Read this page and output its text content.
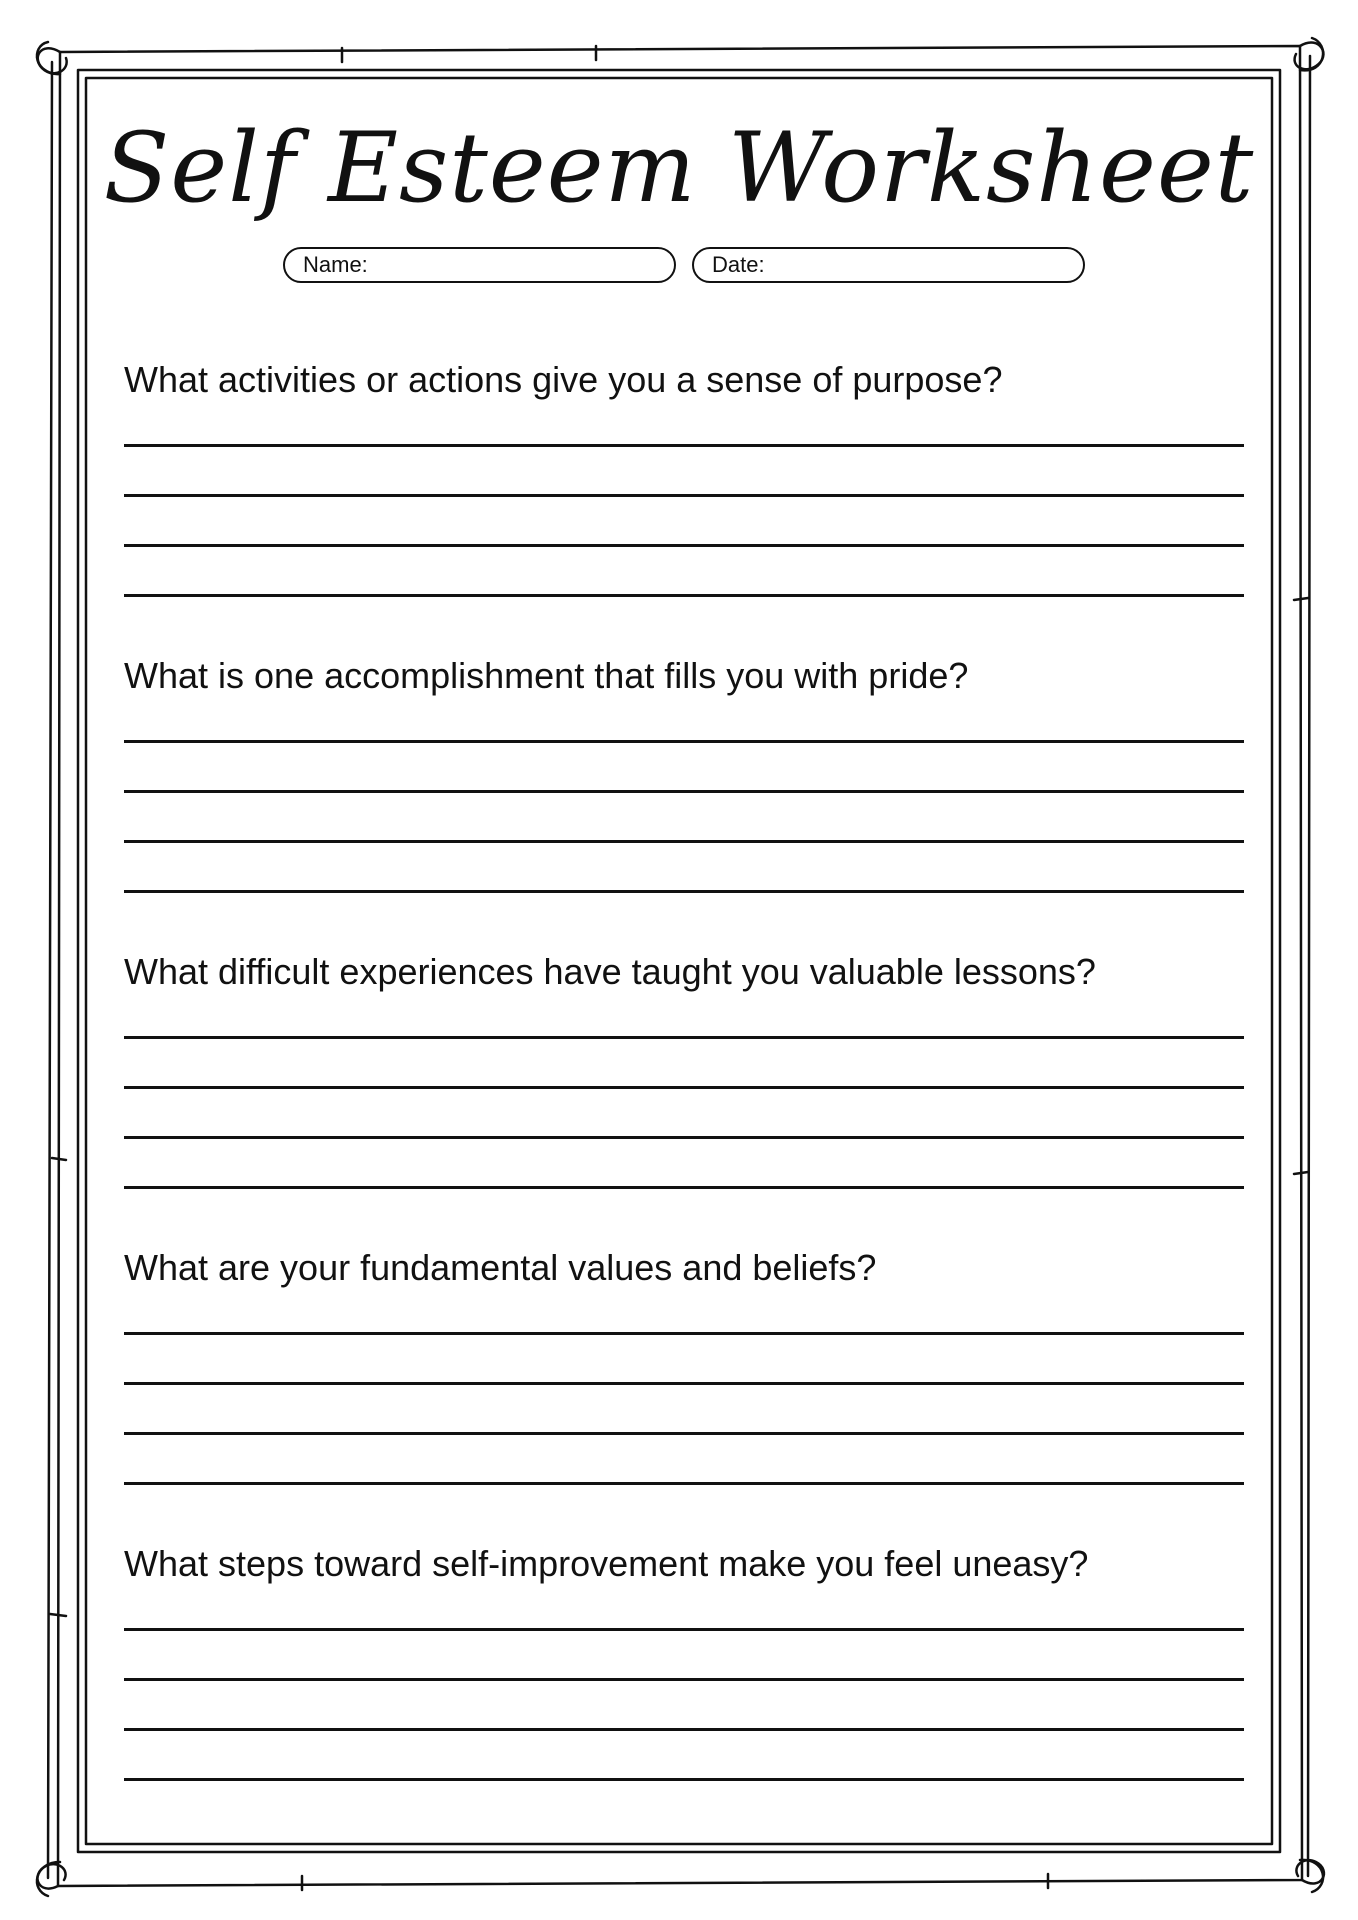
Self Esteem Worksheet
Name:	Date:

What activities or actions give you a sense of purpose?

What is one accomplishment that fills you with pride?

What difficult experiences have taught you valuable lessons?

What are your fundamental values and beliefs?

What steps toward self-improvement make you feel uneasy?
